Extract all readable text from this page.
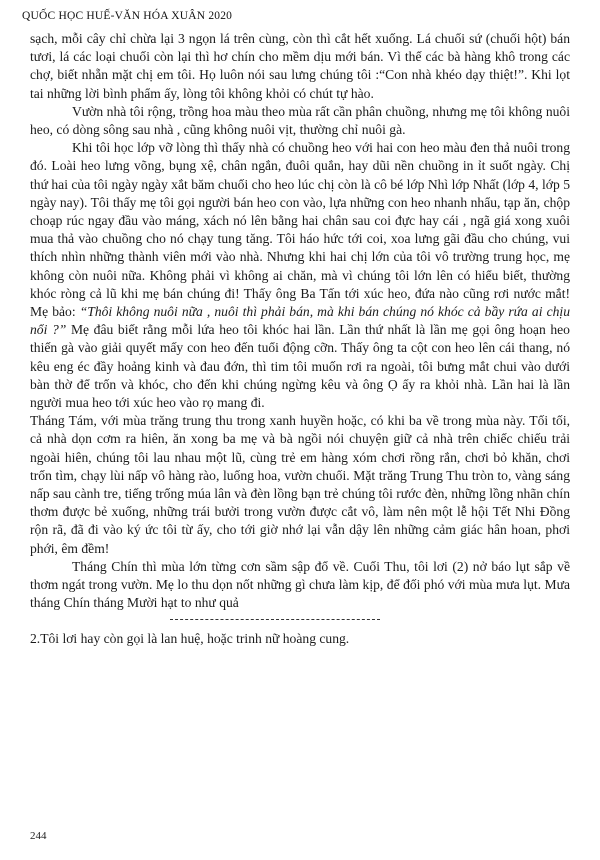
QUỐC HỌC HUẾ-VĂN HÓA XUÂN 2020

sạch, mỗi cây chỉ chừa lại 3 ngọn lá trên cùng, còn thì cắt hết xuống. Lá chuối sứ (chuối hột) bán tươi, lá các loại chuối còn lại thì hơ chín cho mềm dịu mới bán. Vì thế các bà hàng khô trong các chợ, biết nhẵn mặt chị em tôi. Họ luôn nói sau lưng chúng tôi :“Con nhà khéo dạy thiệt!”. Khi lọt tai những lời bình phẩm ấy, lòng tôi không khỏi có chút tự hào.

Vườn nhà tôi rộng, trồng hoa màu theo mùa rất cần phân chuồng, nhưng mẹ tôi không nuôi heo, có dòng sông sau nhà , cũng không nuôi vịt, thường chỉ nuôi gà.

Khi tôi học lớp vỡ lòng thì thấy nhà có chuồng heo với hai con heo màu đen thả nuôi trong đó. Loài heo lưng võng, bụng xệ, chân ngắn, đuôi quắn, hay dũi nền chuồng in ỉt suốt ngày. Chị thứ hai của tôi ngày ngày xắt băm chuối cho heo lúc chị còn là cô bé lớp Nhì lớp Nhất (lớp 4, lớp 5 ngày nay). Tôi thấy mẹ tôi gọi người bán heo con vào, lựa những con heo nhanh nhẩu, tạp ăn, chộp choạp rúc ngay đầu vào máng, xách nó lên bằng hai chân sau coi đực hay cái , ngã giá xong xuôi mua thả vào chuồng cho nó chạy tung tăng. Tôi háo hức tới coi, xoa lưng gãi đầu cho chúng, vui thích nhìn những thành viên mới vào nhà. Nhưng khi hai chị lớn của tôi vô trường trung học, mẹ không còn nuôi nữa. Không phải vì không ai chăn, mà vì chúng tôi lớn lên có hiểu biết, thường khóc ròng cả lũ khi mẹ bán chúng đi! Thấy ông Ba Tấn tới xúc heo, đứa nào cũng rơi nước mắt! Mẹ bảo: “Thôi không nuôi nữa , nuôi thì phải bán, mà khi bán chúng nó khóc cả bầy rứa ai chịu nổi ?” Mẹ đâu biết rằng mỗi lứa heo tôi khóc hai lần. Lần thứ nhất là lần mẹ gọi ông hoạn heo thiến gà vào giải quyết mấy con heo đến tuổi động cỡn. Thấy ông ta cột con heo lên cái thang, nó kêu eng éc đầy hoảng kinh và đau đớn, thì tim tôi muốn rơi ra ngoài, tôi bưng mắt chui vào dưới bàn thờ để trốn và khóc, cho đến khi chúng ngừng kêu và ông Ọ ấy ra khỏi nhà. Lần hai là lần người mua heo tới xúc heo vào rọ mang đi.

Tháng Tám, với mùa trăng trung thu trong xanh huyền hoặc, có khi ba về trong mùa này. Tối tối, cả nhà dọn cơm ra hiên, ăn xong ba mẹ và bà ngồi nói chuyện giữ cả nhà trên chiếc chiếu trải ngoài hiên, chúng tôi lau nhau một lũ, cùng trẻ em hàng xóm chơi rồng rắn, chơi bỏ khăn, chơi trốn tìm, chạy lùi nấp vô hàng rào, luống hoa, vườn chuối. Mặt trăng Trung Thu tròn to, vàng sáng nấp sau cành tre, tiếng trống múa lân và đèn lồng bạn trẻ chúng tôi rước đèn, những lồng nhãn chín thơm được bẻ xuống, những trái bưởi trong vườn được cắt vô, làm nên một lễ hội Tết Nhi Đồng rộn rã, đã đi vào ký ức tôi từ ấy, cho tới giờ nhớ lại vẫn dậy lên những cảm giác hân hoan, phơi phới, êm đềm!

Tháng Chín thì mùa lớn từng cơn sầm sập đổ về. Cuối Thu, tôi lơi (2) nở báo lụt sắp về thơm ngát trong vườn. Mẹ lo thu dọn nốt những gì chưa làm kịp, để đối phó với mùa mưa lụt. Mưa tháng Chín tháng Mười hạt to như quả

2.Tôi lơi hay còn gọi là lan huệ, hoặc trinh nữ hoàng cung.

244
